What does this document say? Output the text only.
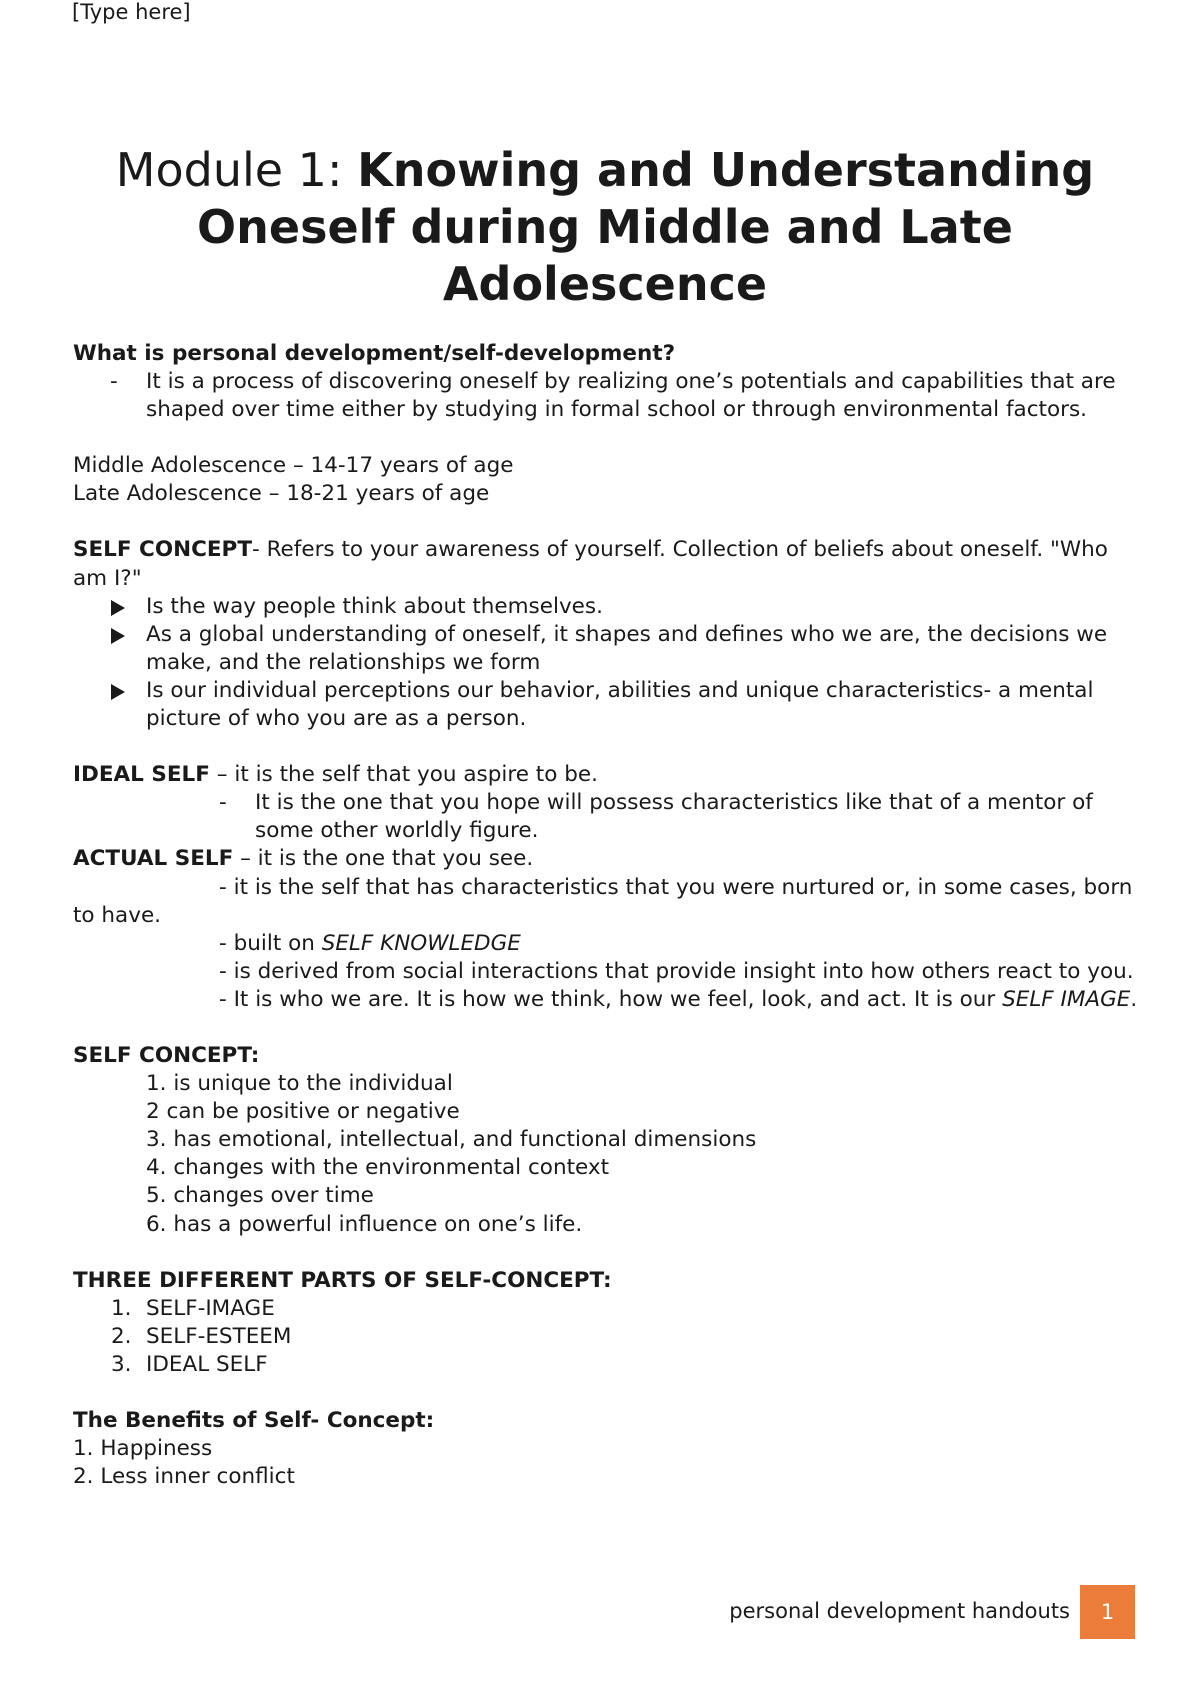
[Type here]
Module 1: Knowing and Understanding Oneself during Middle and Late Adolescence

What is personal development/self-development?

- It is a process of discovering oneself by realizing one’s potentials and capabilities that are shaped over time either by studying in formal school or through environmental factors.

Middle Adolescence – 14-17 years of age

Late Adolescence – 18-21 years of age

SELF CONCEPT- Refers to your awareness of yourself. Collection of beliefs about oneself. "Who am I?"

Is the way people think about themselves.
As a global understanding of oneself, it shapes and defines who we are, the decisions we make, and the relationships we form
Is our individual perceptions our behavior, abilities and unique characteristics- a mental picture of who you are as a person.

IDEAL SELF – it is the self that you aspire to be.

- It is the one that you hope will possess characteristics like that of a mentor of some other worldly figure.

ACTUAL SELF – it is the one that you see.

- it is the self that has characteristics that you were nurtured or, in some cases, born to have.

- built on SELF KNOWLEDGE

- is derived from social interactions that provide insight into how others react to you.

- It is who we are. It is how we think, how we feel, look, and act. It is our SELF IMAGE.

SELF CONCEPT:

1. is unique to the individual

2 can be positive or negative

3. has emotional, intellectual, and functional dimensions

4. changes with the environmental context

5. changes over time

6. has a powerful influence on one’s life.

THREE DIFFERENT PARTS OF SELF-CONCEPT:

1. SELF-IMAGE
2. SELF-ESTEEM
3. IDEAL SELF

The Benefits of Self- Concept:

1. Happiness

2. Less inner conflict

personal development handouts	1
